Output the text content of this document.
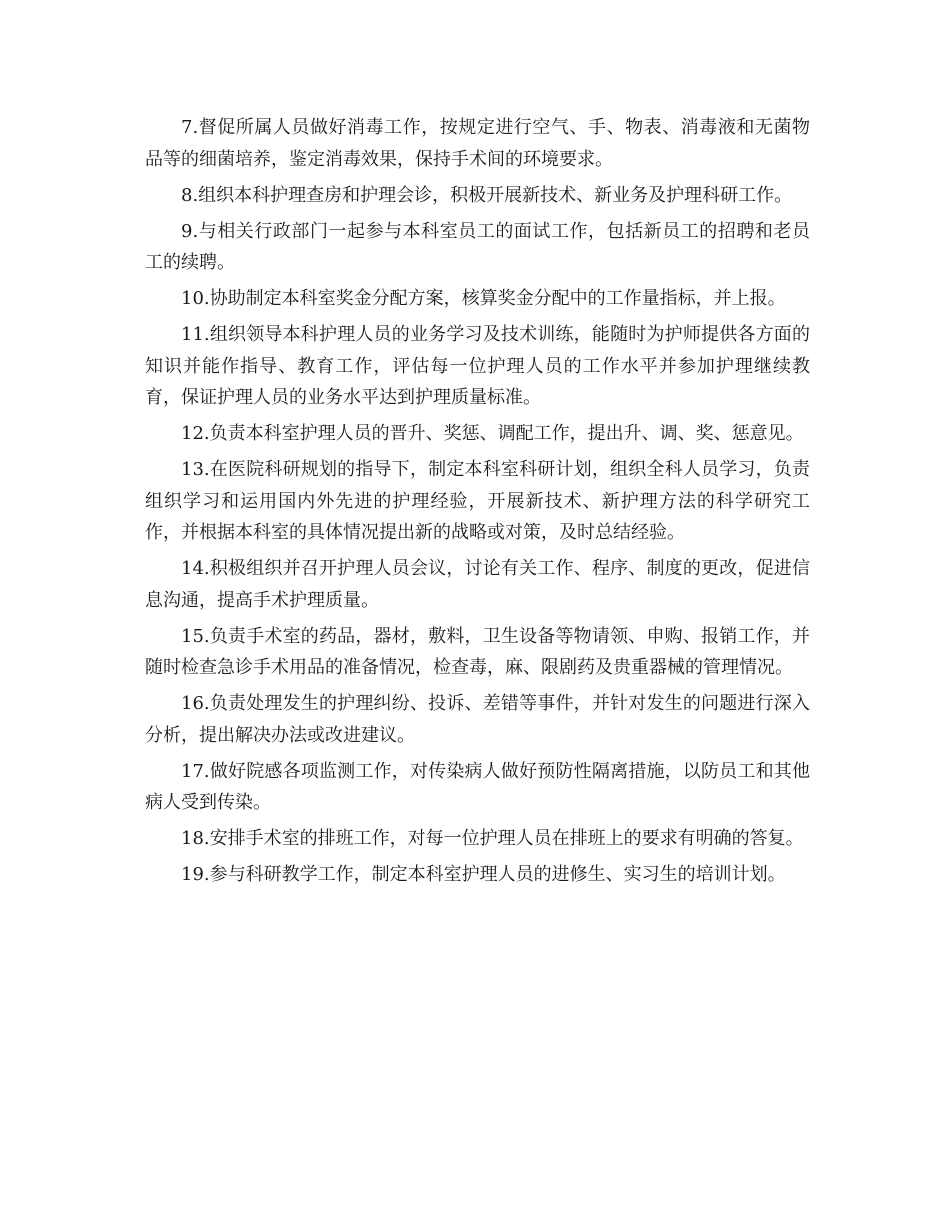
7.督促所属人员做好消毒工作，按规定进行空气、手、物表、消毒液和无菌物品等的细菌培养，鉴定消毒效果，保持手术间的环境要求。

8.组织本科护理查房和护理会诊，积极开展新技术、新业务及护理科研工作。

9.与相关行政部门一起参与本科室员工的面试工作，包括新员工的招聘和老员工的续聘。

10.协助制定本科室奖金分配方案，核算奖金分配中的工作量指标，并上报。

11.组织领导本科护理人员的业务学习及技术训练，能随时为护师提供各方面的知识并能作指导、教育工作，评估每一位护理人员的工作水平并参加护理继续教育，保证护理人员的业务水平达到护理质量标准。

12.负责本科室护理人员的晋升、奖惩、调配工作，提出升、调、奖、惩意见。

13.在医院科研规划的指导下，制定本科室科研计划，组织全科人员学习，负责组织学习和运用国内外先进的护理经验，开展新技术、新护理方法的科学研究工作，并根据本科室的具体情况提出新的战略或对策，及时总结经验。

14.积极组织并召开护理人员会议，讨论有关工作、程序、制度的更改，促进信息沟通，提高手术护理质量。

15.负责手术室的药品，器材，敷料，卫生设备等物请领、申购、报销工作，并随时检查急诊手术用品的准备情况，检查毒，麻、限剧药及贵重器械的管理情况。

16.负责处理发生的护理纠纷、投诉、差错等事件，并针对发生的问题进行深入分析，提出解决办法或改进建议。

17.做好院感各项监测工作，对传染病人做好预防性隔离措施，以防员工和其他病人受到传染。

18.安排手术室的排班工作，对每一位护理人员在排班上的要求有明确的答复。

19.参与科研教学工作，制定本科室护理人员的进修生、实习生的培训计划。
